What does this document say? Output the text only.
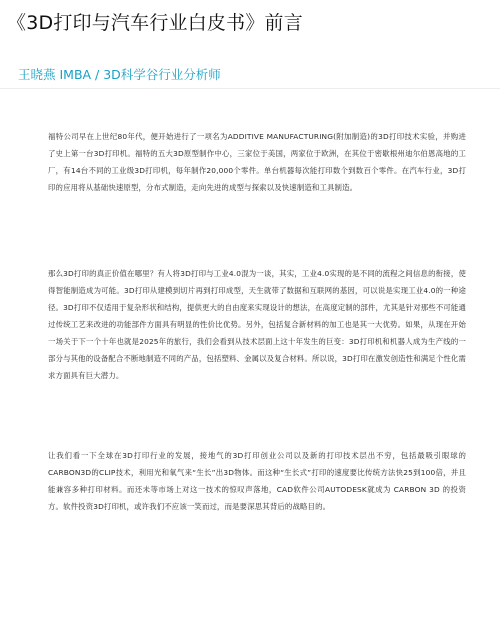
《3D打印与汽车行业白皮书》前言
王晓燕 IMBA / 3D科学谷行业分析师
福特公司早在上世纪80年代，便开始进行了一项名为ADDITIVE MANUFACTURING(附加制造)的3D打印技术实验，并购进了史上第一台3D打印机。福特的五大3D原型制作中心，三家位于美国，两家位于欧洲，在其位于密歇根州迪尔伯恩高地的工厂，有14台不同的工业级3D打印机，每年制作20,000个零件。单台机器每次能打印数个到数百个零件。在汽车行业，3D打印的应用将从基础快速原型，分布式制造，走向先进的成型与探索以及快速制造和工具制造。
那么3D打印的真正价值在哪里？有人将3D打印与工业4.0混为一谈，其实，工业4.0实现的是不同的流程之间信息的衔接，使得智能制造成为可能。3D打印从建模到切片再到打印成型，天生就带了数据和互联网的基因，可以说是实现工业4.0的一种途径。3D打印不仅适用于复杂形状和结构，提供更大的自由度来实现设计的想法，在高度定制的部件，尤其是针对那些不可能通过传统工艺来改进的功能部件方面具有明显的性价比优势。另外，包括复合新材料的加工也是其一大优势。如果，从现在开始一场关于下一个十年也就是2025年的旅行，我们会看到从技术层面上这十年发生的巨变：3D打印机和机器人成为生产线的一部分与其他的设备配合不断地制造不同的产品，包括塑料、金属以及复合材料。所以说，3D打印在激发创造性和满足个性化需求方面具有巨大潜力。
让我们看一下全球在3D打印行业的发展，接地气的3D打印创业公司以及新的打印技术层出不穷，包括最吸引眼球的CARBON3D的CLIP技术，利用光和氧气来“生长”出3D物体。而这种“生长式”打印的速度要比传统方法快25到100倍，并且能兼容多种打印材料。而还未等市场上对这一技术的惊叹声落地，CAD软件公司AUTODESK就成为 CARBON 3D 的投资方。软件投资3D打印机，或许我们不应该一笑而过，而是要深思其背后的战略目的。
